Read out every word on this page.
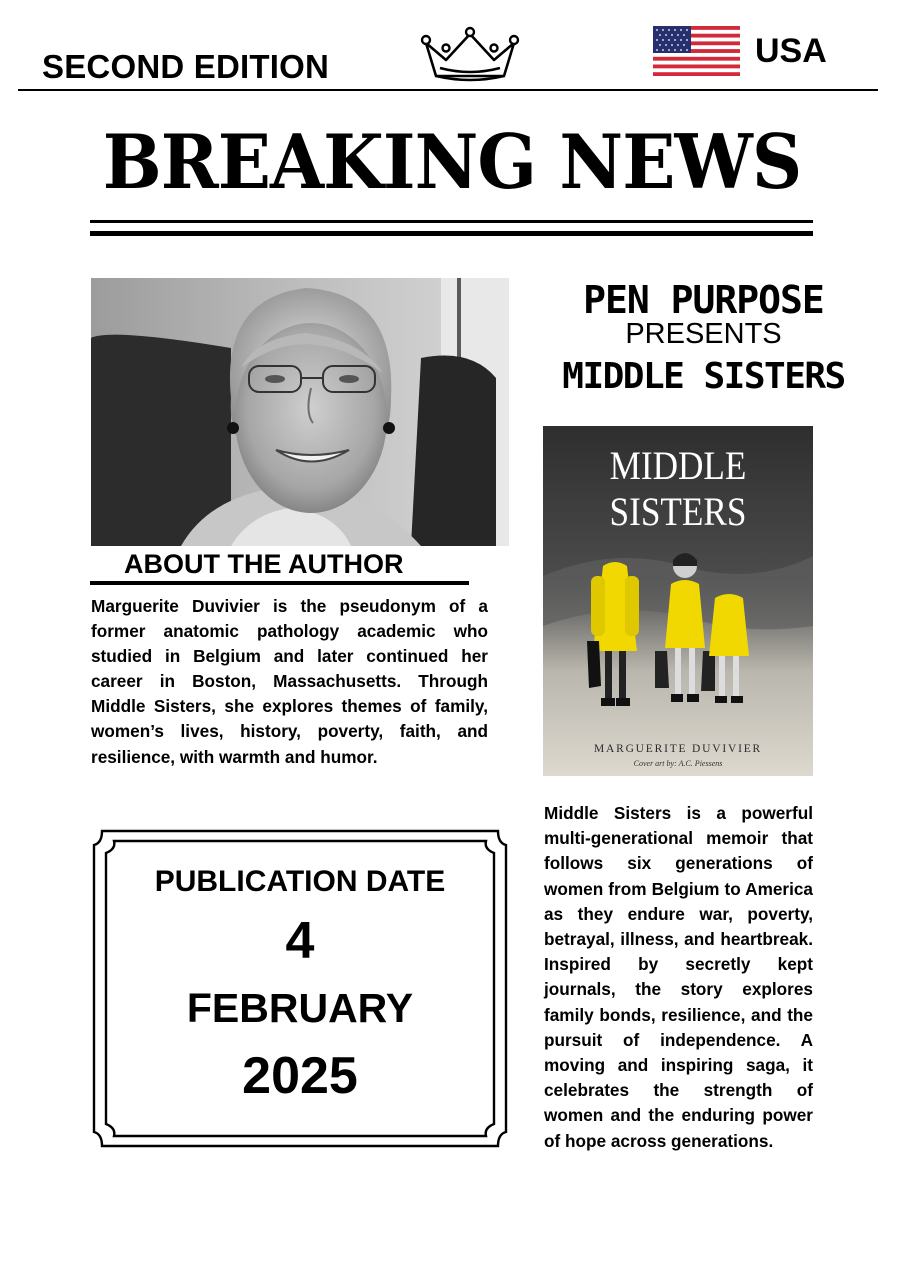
SECOND EDITION	USA
BREAKING NEWS
ABOUT THE AUTHOR

Marguerite Duvivier is the pseudonym of a former anatomic pathology academic who studied in Belgium and later continued her career in Boston, Massachusetts. Through Middle Sisters, she explores themes of family, women’s lives, history, poverty, faith, and resilience, with warmth and humor.

PUBLICATION DATE
4
FEBRUARY
2025
PEN PURPOSE
PRESENTS
MIDDLE SISTERS
MIDDLE
SISTERS
MARGUERITE DUVIVIER
Cover art by: A.C. Piessens

Middle Sisters is a powerful multi-generational memoir that follows six generations of women from Belgium to America as they endure war, poverty, betrayal, illness, and heartbreak. Inspired by secretly kept journals, the story explores family bonds, resilience, and the pursuit of independence. A moving and inspiring saga, it celebrates the strength of women and the enduring power of hope across generations.
